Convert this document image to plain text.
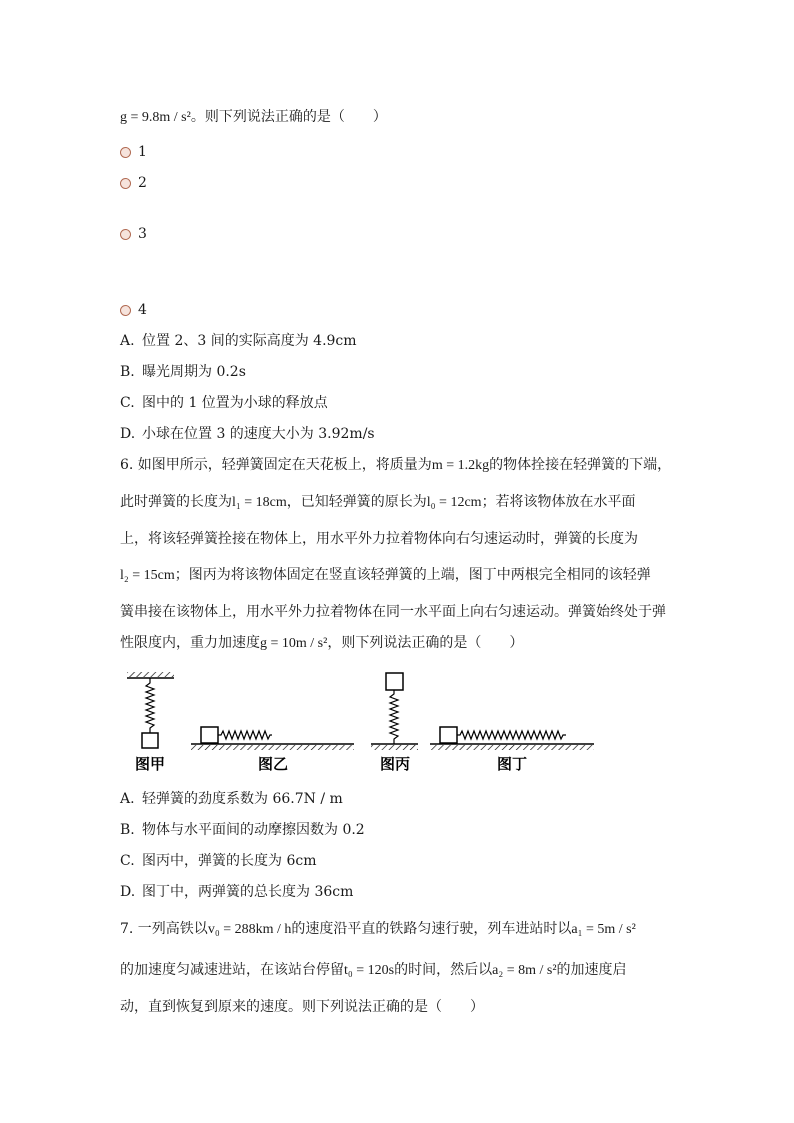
g = 9.8m / s²。则下列说法正确的是（　　）
1
2
3
4
A. 位置 2、3 间的实际高度为 4.9cm
B. 曝光周期为 0.2s
C. 图中的 1 位置为小球的释放点
D. 小球在位置 3 的速度大小为 3.92m/s
6. 如图甲所示，轻弹簧固定在天花板上，将质量为m = 1.2kg的物体拴接在轻弹簧的下端，
此时弹簧的长度为l₁ = 18cm，已知轻弹簧的原长为l₀ = 12cm；若将该物体放在水平面
上，将该轻弹簧拴接在物体上，用水平外力拉着物体向右匀速运动时，弹簧的长度为
l₂ = 15cm；图丙为将该物体固定在竖直该轻弹簧的上端，图丁中两根完全相同的该轻弹
簧串接在该物体上，用水平外力拉着物体在同一水平面上向右匀速运动。弹簧始终处于弹
性限度内，重力加速度g = 10m / s²，则下列说法正确的是（　　）
图甲	图乙	图丙	图丁
A. 轻弹簧的劲度系数为 66.7N / m
B. 物体与水平面间的动摩擦因数为 0.2
C. 图丙中，弹簧的长度为 6cm
D. 图丁中，两弹簧的总长度为 36cm
7. 一列高铁以v₀ = 288km / h的速度沿平直的铁路匀速行驶，列车进站时以a₁ = 5m / s²
的加速度匀减速进站，在该站台停留t₀ = 120s的时间，然后以a₂ = 8m / s²的加速度启
动，直到恢复到原来的速度。则下列说法正确的是（　　）
